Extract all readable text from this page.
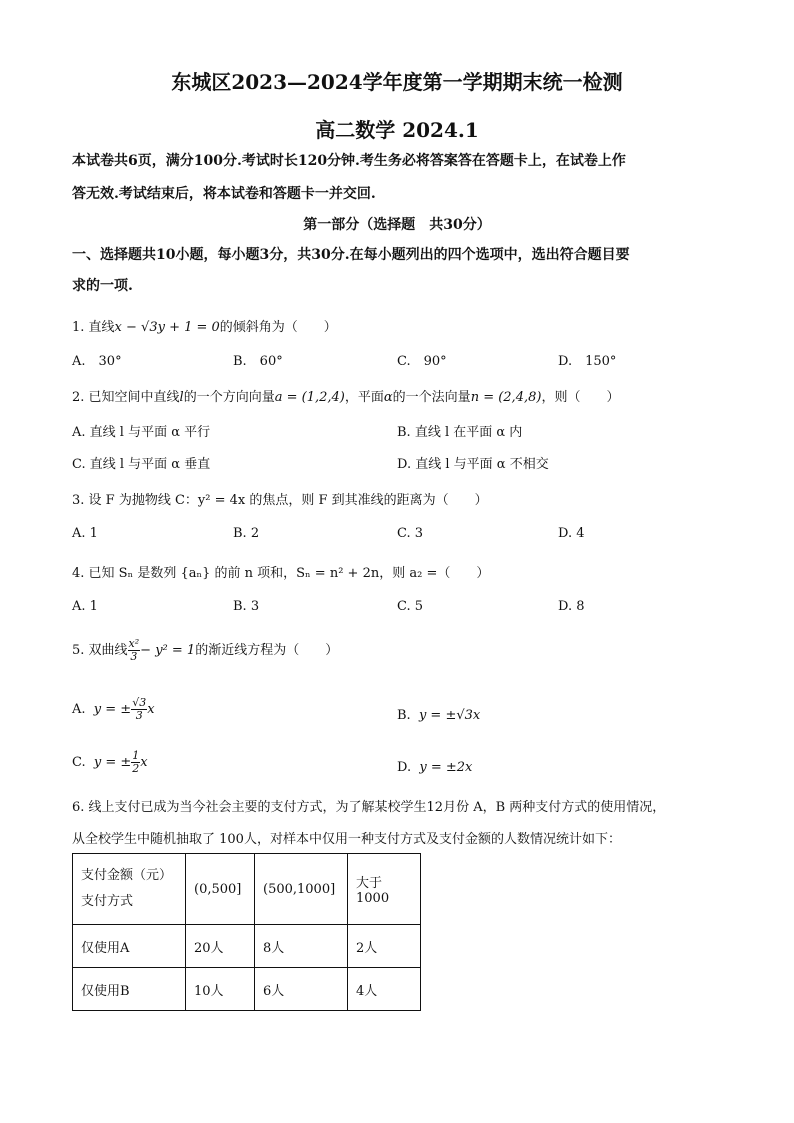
东城区2023—2024学年度第一学期期末统一检测
高二数学 2024.1
本试卷共6页，满分100分.考试时长120分钟.考生务必将答案答在答题卡上，在试卷上作
答无效.考试结束后，将本试卷和答题卡一并交回.
第一部分（选择题　共30分）
一、选择题共10小题，每小题3分，共30分.在每小题列出的四个选项中，选出符合题目要
求的一项.
1. 直线x − √3y + 1 = 0的倾斜角为（　　）
A.　30°	B.　60°	C.　90°	D.　150°
2. 已知空间中直线l的一个方向向量a = (1,2,4)，平面α的一个法向量n = (2,4,8)，则（　　）
A. 直线 l 与平面 α 平行	B. 直线 l 在平面 α 内
C. 直线 l 与平面 α 垂直	D. 直线 l 与平面 α 不相交
3. 设 F 为抛物线 C：y² = 4x 的焦点，则 F 到其准线的距离为（　　）
A. 1	B. 2	C. 3	D. 4
4. 已知 Sₙ 是数列 {aₙ} 的前 n 项和，Sₙ = n² + 2n，则 a₂ =（　　）
A. 1	B. 3	C. 5	D. 8
5. 双曲线 $\frac{\text{x²}}{3} - y^2 = 1$的渐近线方程为（　　）
A. y = ± $\frac{√3}{3}$ x	B. y = ±√3x
C. y = ± $\frac{1}{2}$ x	D. y = ±2x
6. 线上支付已成为当今社会主要的支付方式，为了解某校学生12月份 A，B 两种支付方式的使用情况，
从全校学生中随机抽取了 100人，对样本中仅用一种支付方式及支付金额的人数情况统计如下：
支付金额（元）
支付方式	(0,500]	(500,1000]	大于1000
仅使用A	20人	8人	2人
仅使用B	10人	6人	4人
